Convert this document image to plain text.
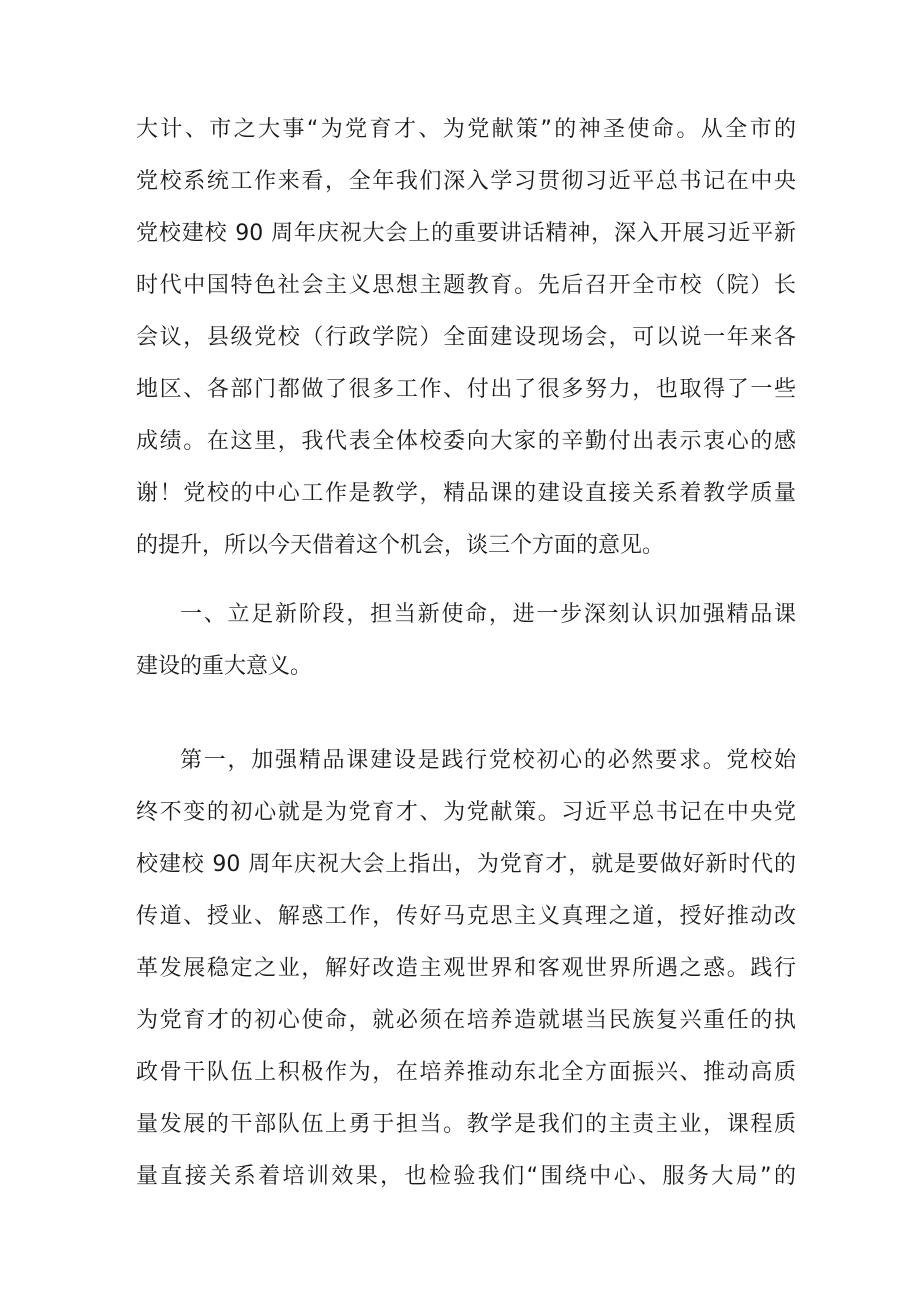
大计、市之大事“为党育才、为党献策”的神圣使命。从全市的
党校系统工作来看，全年我们深入学习贯彻习近平总书记在中央
党校建校 90 周年庆祝大会上的重要讲话精神，深入开展习近平新
时代中国特色社会主义思想主题教育。先后召开全市校（院）长
会议，县级党校（行政学院）全面建设现场会，可以说一年来各
地区、各部门都做了很多工作、付出了很多努力，也取得了一些
成绩。在这里，我代表全体校委向大家的辛勤付出表示衷心的感
谢！党校的中心工作是教学，精品课的建设直接关系着教学质量
的提升，所以今天借着这个机会，谈三个方面的意见。
一、立足新阶段，担当新使命，进一步深刻认识加强精品课
建设的重大意义。
第一，加强精品课建设是践行党校初心的必然要求。党校始
终不变的初心就是为党育才、为党献策。习近平总书记在中央党
校建校 90 周年庆祝大会上指出，为党育才，就是要做好新时代的
传道、授业、解惑工作，传好马克思主义真理之道，授好推动改
革发展稳定之业，解好改造主观世界和客观世界所遇之惑。践行
为党育才的初心使命，就必须在培养造就堪当民族复兴重任的执
政骨干队伍上积极作为，在培养推动东北全方面振兴、推动高质
量发展的干部队伍上勇于担当。教学是我们的主责主业，课程质
量直接关系着培训效果，也检验我们“围绕中心、服务大局”的
